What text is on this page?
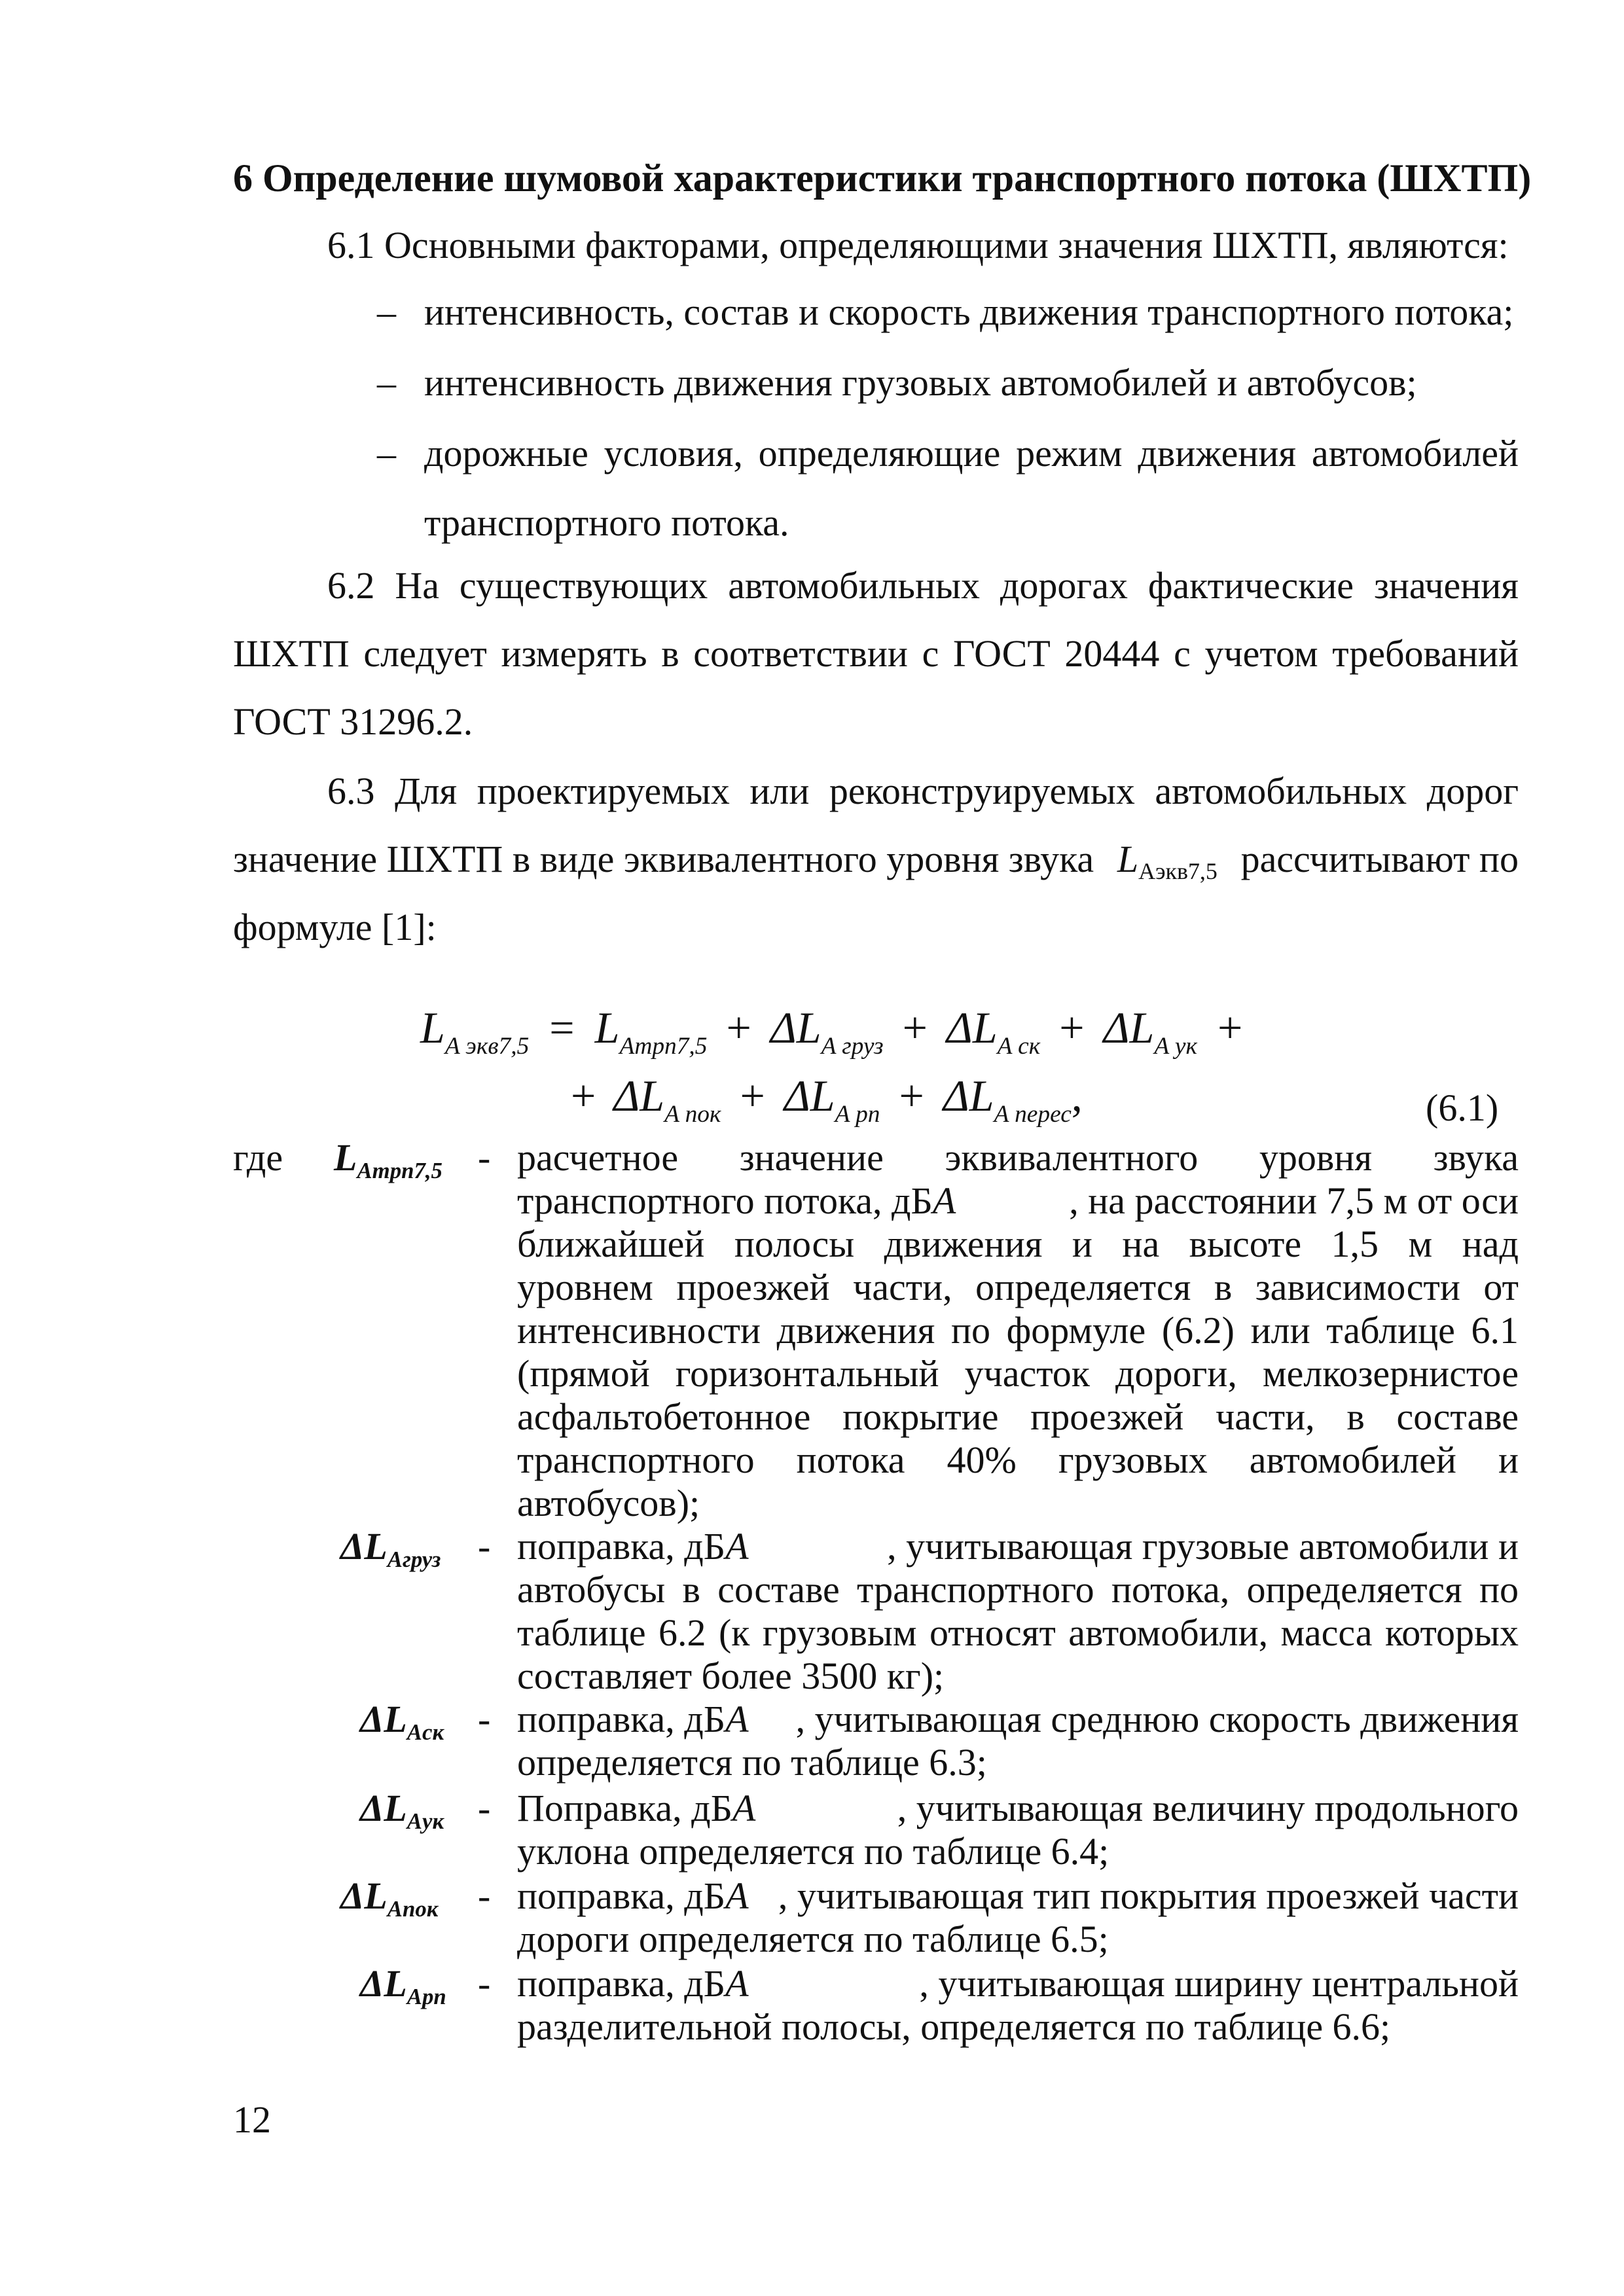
6 Определение шумовой характеристики транспортного потока (ШХТП)
6.1 Основными факторами, определяющими значения ШХТП, являются:
– интенсивность, состав и скорость движения транспортного потока;
– интенсивность движения грузовых автомобилей и автобусов;
– дорожные условия, определяющие режим движения автомобилей
транспортного потока.
6.2 На существующих автомобильных дорогах фактические значения
ШХТП следует измерять в соответствии с ГОСТ 20444 с учетом требований
ГОСТ 31296.2.
6.3 Для проектируемых или реконструируемых автомобильных дорог
значение ШХТП в виде эквивалентного уровня звука $L_{Aэкв7,5}$ рассчитывают по
формуле [1]:
$L_{A экв7,5} = L_{Aтрп7,5} + \Delta L_{A груз} + \Delta L_{A ск} + \Delta L_{A ук}$ +
+ $\Delta L_{A пок} + \Delta L_{A рп} + \Delta L_{A перес}$,	(6.1)
где $L_{Aтрп7,5}$ - расчетное значение эквивалентного уровня звука
транспортного потока, дБA	, на расстоянии 7,5 м от оси
ближайшей полосы движения и на высоте 1,5 м над
уровнем проезжей части, определяется в зависимости от
интенсивности движения по формуле (6.2) или таблице 6.1
(прямой горизонтальный участок дороги, мелкозернистое
асфальтобетонное покрытие проезжей части, в составе
транспортного потока 40% грузовых автомобилей и
автобусов);
$\Delta L_{Aгруз}$ - поправка, дБA	, учитывающая грузовые автомобили и
автобусы в составе транспортного потока, определяется по
таблице 6.2 (к грузовым относят автомобили, масса которых
составляет более 3500 кг);
$\Delta L_{Aск}$ - поправка, дБA , учитывающая среднюю скорость движения
определяется по таблице 6.3;
$\Delta L_{Aук}$ - Поправка, дБA	, учитывающая величину продольного
уклона определяется по таблице 6.4;
$\Delta L_{Aпок}$ - поправка, дБA , учитывающая тип покрытия проезжей части
дороги определяется по таблице 6.5;
$\Delta L_{Aрп}$ - поправка, дБA	, учитывающая ширину центральной
разделительной полосы, определяется по таблице 6.6;
12
